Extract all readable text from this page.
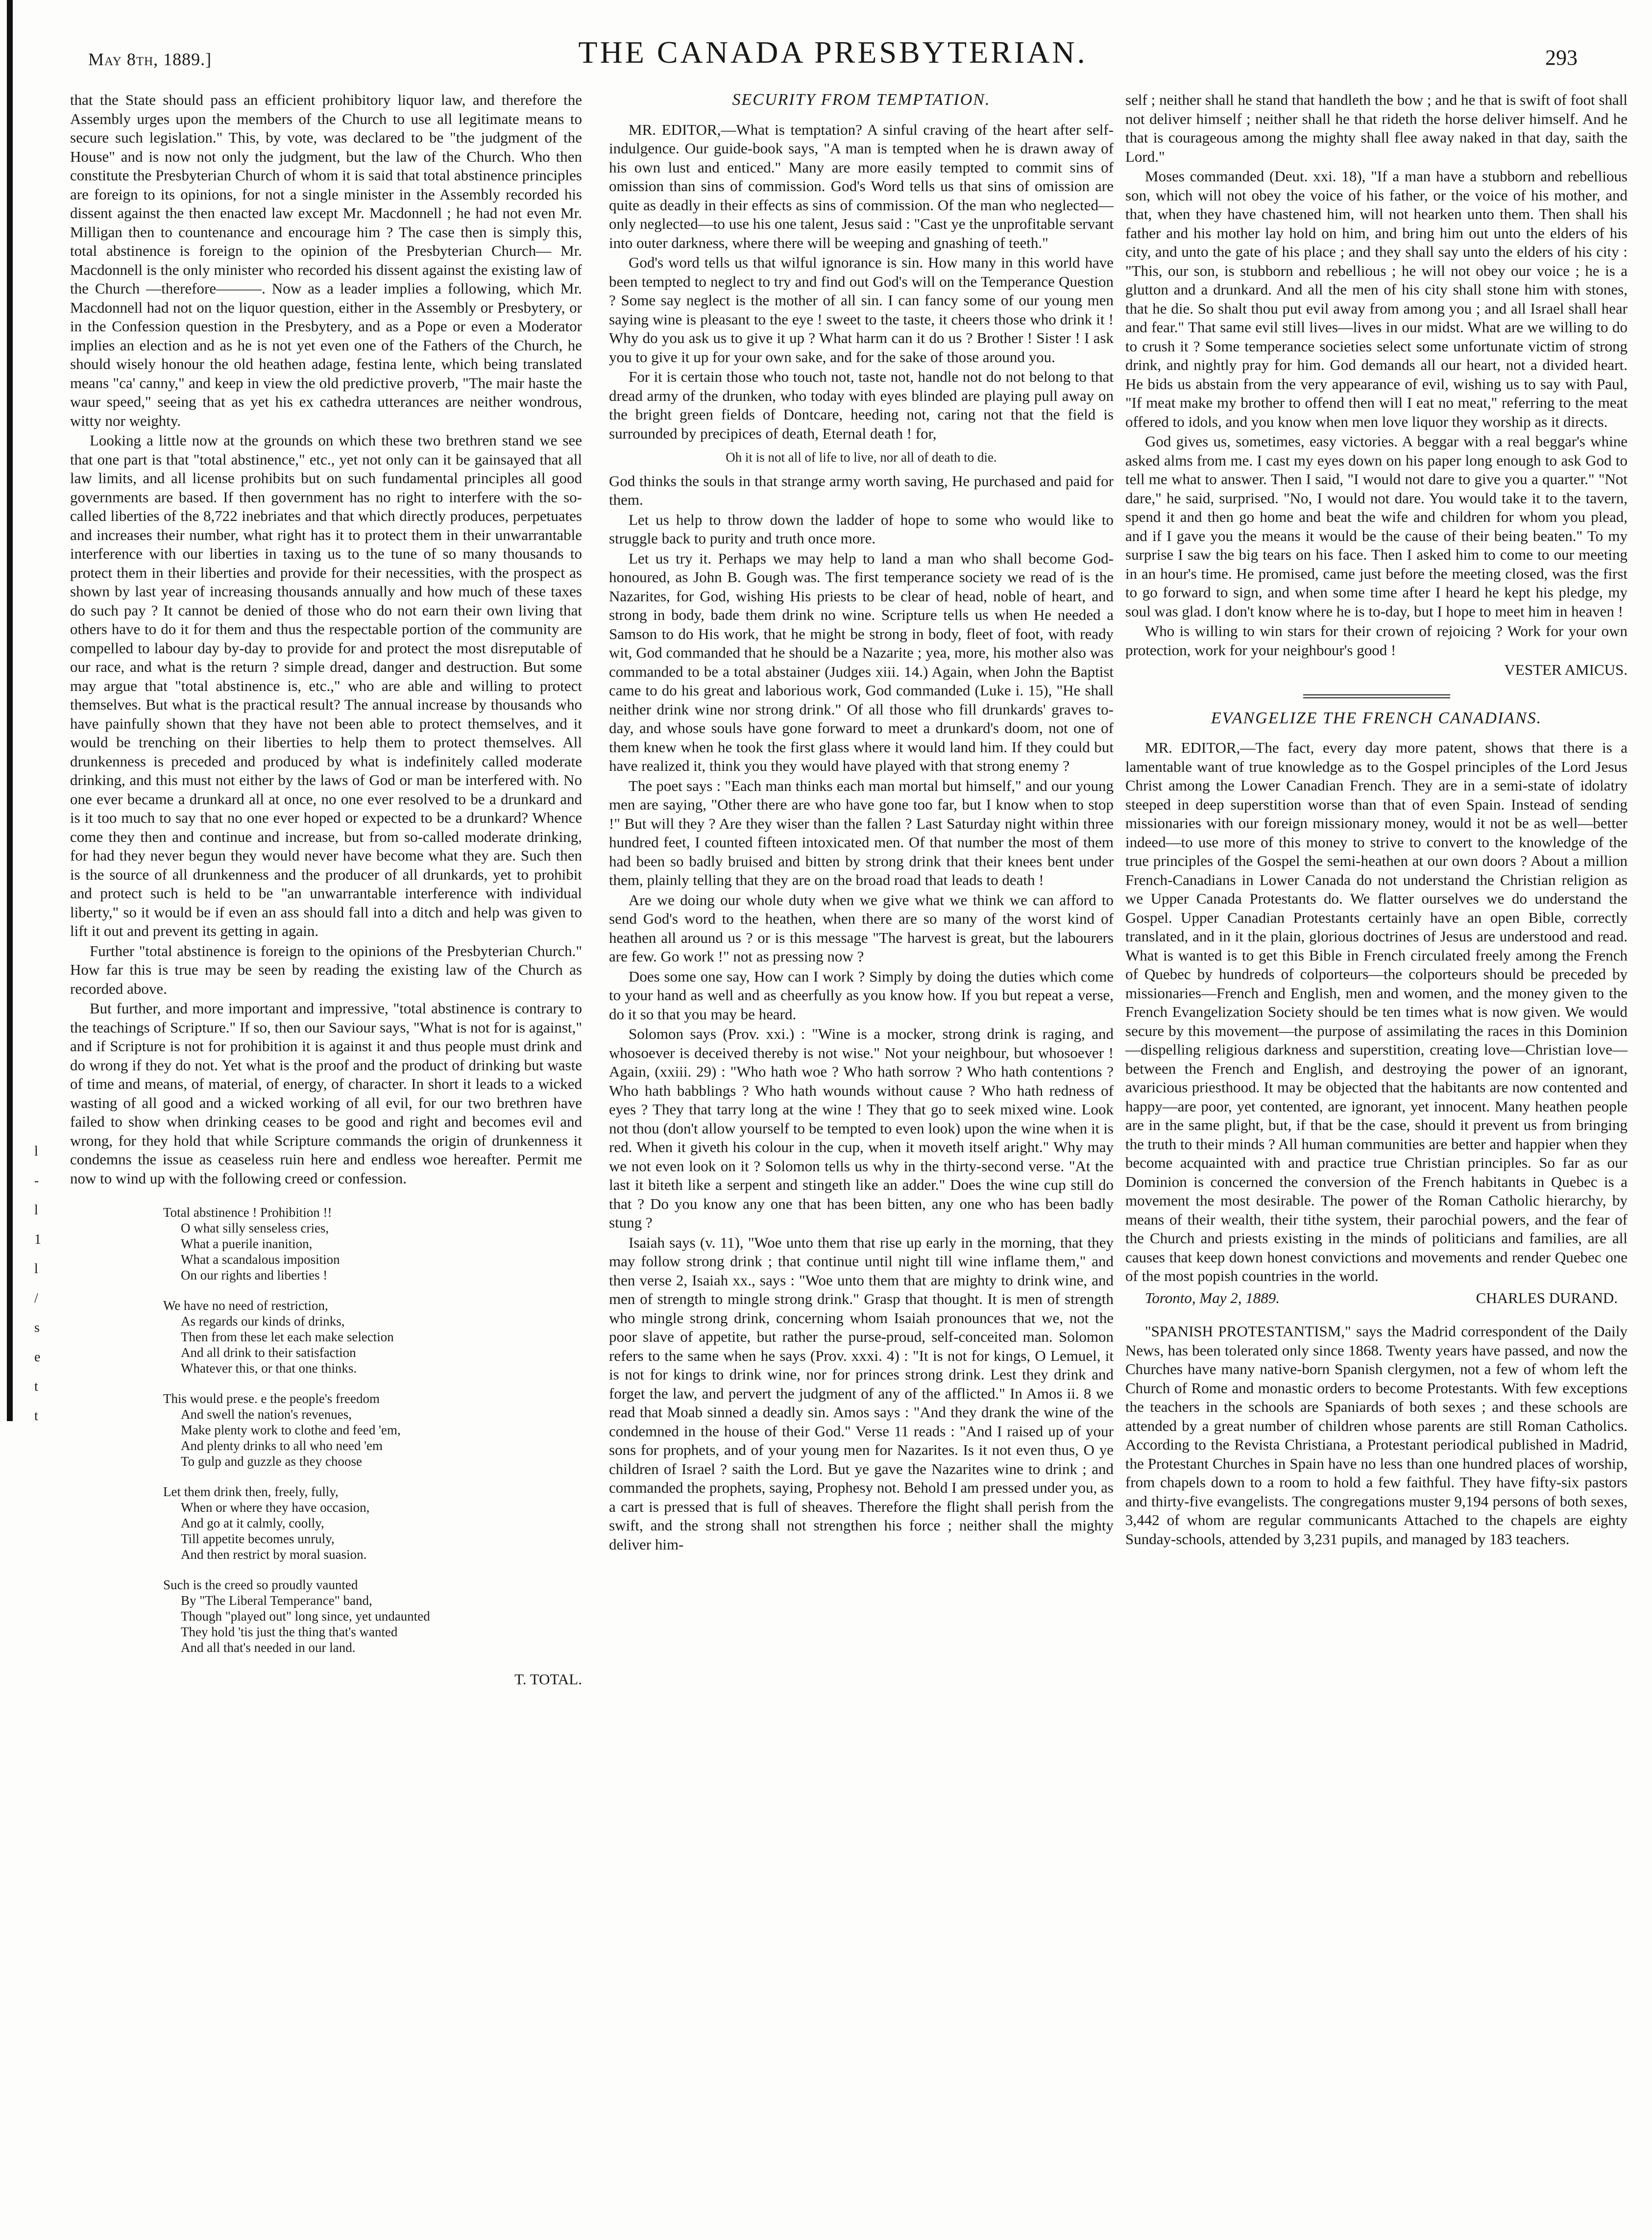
May 8th, 1889.]	THE CANADA PRESBYTERIAN.	293
l
-
l
1
l
/
s
e
t
t

that the State should pass an efficient prohibitory liquor law, and therefore the Assembly urges upon the members of the Church to use all legitimate means to secure such legislation." This, by vote, was declared to be "the judgment of the House" and is now not only the judgment, but the law of the Church. Who then constitute the Presbyterian Church of whom it is said that total abstinence principles are foreign to its opinions, for not a single minister in the Assembly recorded his dissent against the then enacted law except Mr. Macdonnell ; he had not even Mr. Milligan then to countenance and encourage him ? The case then is simply this, total abstinence is foreign to the opinion of the Presbyterian Church— Mr. Macdonnell is the only minister who recorded his dissent against the existing law of the Church —therefore———. Now as a leader implies a following, which Mr. Macdonnell had not on the liquor question, either in the Assembly or Presbytery, or in the Confession question in the Presbytery, and as a Pope or even a Moderator implies an election and as he is not yet even one of the Fathers of the Church, he should wisely honour the old heathen adage, festina lente, which being translated means "ca' canny," and keep in view the old predictive proverb, "The mair haste the waur speed," seeing that as yet his ex cathedra utterances are neither wondrous, witty nor weighty.

Looking a little now at the grounds on which these two brethren stand we see that one part is that "total abstinence," etc., yet not only can it be gainsayed that all law limits, and all license prohibits but on such fundamental principles all good governments are based. If then government has no right to interfere with the so-called liberties of the 8,722 inebriates and that which directly produces, perpetuates and increases their number, what right has it to protect them in their unwarrantable interference with our liberties in taxing us to the tune of so many thousands to protect them in their liberties and provide for their necessities, with the prospect as shown by last year of increasing thousands annually and how much of these taxes do such pay ? It cannot be denied of those who do not earn their own living that others have to do it for them and thus the respectable portion of the community are compelled to labour day by-day to provide for and protect the most disreputable of our race, and what is the return ? simple dread, danger and destruction. But some may argue that "total abstinence is, etc.," who are able and willing to protect themselves. But what is the practical result? The annual increase by thousands who have painfully shown that they have not been able to protect themselves, and it would be trenching on their liberties to help them to protect themselves. All drunkenness is preceded and produced by what is indefinitely called moderate drinking, and this must not either by the laws of God or man be interfered with. No one ever became a drunkard all at once, no one ever resolved to be a drunkard and is it too much to say that no one ever hoped or expected to be a drunkard? Whence come they then and continue and increase, but from so-called moderate drinking, for had they never begun they would never have become what they are. Such then is the source of all drunkenness and the producer of all drunkards, yet to prohibit and protect such is held to be "an unwarrantable interference with individual liberty," so it would be if even an ass should fall into a ditch and help was given to lift it out and prevent its getting in again.

Further "total abstinence is foreign to the opinions of the Presbyterian Church." How far this is true may be seen by reading the existing law of the Church as recorded above.

But further, and more important and impressive, "total abstinence is contrary to the teachings of Scripture." If so, then our Saviour says, "What is not for is against," and if Scripture is not for prohibition it is against it and thus people must drink and do wrong if they do not. Yet what is the proof and the product of drinking but waste of time and means, of material, of energy, of character. In short it leads to a wicked wasting of all good and a wicked working of all evil, for our two brethren have failed to show when drinking ceases to be good and right and becomes evil and wrong, for they hold that while Scripture commands the origin of drunkenness it condemns the issue as ceaseless ruin here and endless woe hereafter. Permit me now to wind up with the following creed or confession.

Total abstinence ! Prohibition !!
O what silly senseless cries,
What a puerile inanition,
What a scandalous imposition
On our rights and liberties !
We have no need of restriction,
As regards our kinds of drinks,
Then from these let each make selection
And all drink to their satisfaction
Whatever this, or that one thinks.
This would prese. e the people's freedom
And swell the nation's revenues,
Make plenty work to clothe and feed 'em,
And plenty drinks to all who need 'em
To gulp and guzzle as they choose
Let them drink then, freely, fully,
When or where they have occasion,
And go at it calmly, coolly,
Till appetite becomes unruly,
And then restrict by moral suasion.
Such is the creed so proudly vaunted
By "The Liberal Temperance" band,
Though "played out" long since, yet undaunted
They hold 'tis just the thing that's wanted
And all that's needed in our land.
T. TOTAL.
SECURITY FROM TEMPTATION.

MR. EDITOR,—What is temptation? A sinful craving of the heart after self-indulgence. Our guide-book says, "A man is tempted when he is drawn away of his own lust and enticed." Many are more easily tempted to commit sins of omission than sins of commission. God's Word tells us that sins of omission are quite as deadly in their effects as sins of commission. Of the man who neglected—only neglected—to use his one talent, Jesus said : "Cast ye the unprofitable servant into outer darkness, where there will be weeping and gnashing of teeth."

God's word tells us that wilful ignorance is sin. How many in this world have been tempted to neglect to try and find out God's will on the Temperance Question ? Some say neglect is the mother of all sin. I can fancy some of our young men saying wine is pleasant to the eye ! sweet to the taste, it cheers those who drink it ! Why do you ask us to give it up ? What harm can it do us ? Brother ! Sister ! I ask you to give it up for your own sake, and for the sake of those around you.

For it is certain those who touch not, taste not, handle not do not belong to that dread army of the drunken, who today with eyes blinded are playing pull away on the bright green fields of Dontcare, heeding not, caring not that the field is surrounded by precipices of death, Eternal death ! for,

Oh it is not all of life to live, nor all of death to die.

God thinks the souls in that strange army worth saving, He purchased and paid for them.

Let us help to throw down the ladder of hope to some who would like to struggle back to purity and truth once more.

Let us try it. Perhaps we may help to land a man who shall become God-honoured, as John B. Gough was. The first temperance society we read of is the Nazarites, for God, wishing His priests to be clear of head, noble of heart, and strong in body, bade them drink no wine. Scripture tells us when He needed a Samson to do His work, that he might be strong in body, fleet of foot, with ready wit, God commanded that he should be a Nazarite ; yea, more, his mother also was commanded to be a total abstainer (Judges xiii. 14.) Again, when John the Baptist came to do his great and laborious work, God commanded (Luke i. 15), "He shall neither drink wine nor strong drink." Of all those who fill drunkards' graves to-day, and whose souls have gone forward to meet a drunkard's doom, not one of them knew when he took the first glass where it would land him. If they could but have realized it, think you they would have played with that strong enemy ?

The poet says : "Each man thinks each man mortal but himself," and our young men are saying, "Other there are who have gone too far, but I know when to stop !" But will they ? Are they wiser than the fallen ? Last Saturday night within three hundred feet, I counted fifteen intoxicated men. Of that number the most of them had been so badly bruised and bitten by strong drink that their knees bent under them, plainly telling that they are on the broad road that leads to death !

Are we doing our whole duty when we give what we think we can afford to send God's word to the heathen, when there are so many of the worst kind of heathen all around us ? or is this message "The harvest is great, but the labourers are few. Go work !" not as pressing now ?

Does some one say, How can I work ? Simply by doing the duties which come to your hand as well and as cheerfully as you know how. If you but repeat a verse, do it so that you may be heard.

Solomon says (Prov. xxi.) : "Wine is a mocker, strong drink is raging, and whosoever is deceived thereby is not wise." Not your neighbour, but whosoever ! Again, (xxiii. 29) : "Who hath woe ? Who hath sorrow ? Who hath contentions ? Who hath babblings ? Who hath wounds without cause ? Who hath redness of eyes ? They that tarry long at the wine ! They that go to seek mixed wine. Look not thou (don't allow yourself to be tempted to even look) upon the wine when it is red. When it giveth his colour in the cup, when it moveth itself aright." Why may we not even look on it ? Solomon tells us why in the thirty-second verse. "At the last it biteth like a serpent and stingeth like an adder." Does the wine cup still do that ? Do you know any one that has been bitten, any one who has been badly stung ?

Isaiah says (v. 11), "Woe unto them that rise up early in the morning, that they may follow strong drink ; that continue until night till wine inflame them," and then verse 2, Isaiah xx., says : "Woe unto them that are mighty to drink wine, and men of strength to mingle strong drink." Grasp that thought. It is men of strength who mingle strong drink, concerning whom Isaiah pronounces that we, not the poor slave of appetite, but rather the purse-proud, self-conceited man. Solomon refers to the same when he says (Prov. xxxi. 4) : "It is not for kings, O Lemuel, it is not for kings to drink wine, nor for princes strong drink. Lest they drink and forget the law, and pervert the judgment of any of the afflicted." In Amos ii. 8 we read that Moab sinned a deadly sin. Amos says : "And they drank the wine of the condemned in the house of their God." Verse 11 reads : "And I raised up of your sons for prophets, and of your young men for Nazarites. Is it not even thus, O ye children of Israel ? saith the Lord. But ye gave the Nazarites wine to drink ; and commanded the prophets, saying, Prophesy not. Behold I am pressed under you, as a cart is pressed that is full of sheaves. Therefore the flight shall perish from the swift, and the strong shall not strengthen his force ; neither shall the mighty deliver him-

self ; neither shall he stand that handleth the bow ; and he that is swift of foot shall not deliver himself ; neither shall he that rideth the horse deliver himself. And he that is courageous among the mighty shall flee away naked in that day, saith the Lord."

Moses commanded (Deut. xxi. 18), "If a man have a stubborn and rebellious son, which will not obey the voice of his father, or the voice of his mother, and that, when they have chastened him, will not hearken unto them. Then shall his father and his mother lay hold on him, and bring him out unto the elders of his city, and unto the gate of his place ; and they shall say unto the elders of his city : "This, our son, is stubborn and rebellious ; he will not obey our voice ; he is a glutton and a drunkard. And all the men of his city shall stone him with stones, that he die. So shalt thou put evil away from among you ; and all Israel shall hear and fear." That same evil still lives—lives in our midst. What are we willing to do to crush it ? Some temperance societies select some unfortunate victim of strong drink, and nightly pray for him. God demands all our heart, not a divided heart. He bids us abstain from the very appearance of evil, wishing us to say with Paul, "If meat make my brother to offend then will I eat no meat," referring to the meat offered to idols, and you know when men love liquor they worship as it directs.

God gives us, sometimes, easy victories. A beggar with a real beggar's whine asked alms from me. I cast my eyes down on his paper long enough to ask God to tell me what to answer. Then I said, "I would not dare to give you a quarter." "Not dare," he said, surprised. "No, I would not dare. You would take it to the tavern, spend it and then go home and beat the wife and children for whom you plead, and if I gave you the means it would be the cause of their being beaten." To my surprise I saw the big tears on his face. Then I asked him to come to our meeting in an hour's time. He promised, came just before the meeting closed, was the first to go forward to sign, and when some time after I heard he kept his pledge, my soul was glad. I don't know where he is to-day, but I hope to meet him in heaven !

Who is willing to win stars for their crown of rejoicing ? Work for your own protection, work for your neighbour's good !

VESTER AMICUS.
EVANGELIZE THE FRENCH CANADIANS.

MR. EDITOR,—The fact, every day more patent, shows that there is a lamentable want of true knowledge as to the Gospel principles of the Lord Jesus Christ among the Lower Canadian French. They are in a semi-state of idolatry steeped in deep superstition worse than that of even Spain. Instead of sending missionaries with our foreign missionary money, would it not be as well—better indeed—to use more of this money to strive to convert to the knowledge of the true principles of the Gospel the semi-heathen at our own doors ? About a million French-Canadians in Lower Canada do not understand the Christian religion as we Upper Canada Protestants do. We flatter ourselves we do understand the Gospel. Upper Canadian Protestants certainly have an open Bible, correctly translated, and in it the plain, glorious doctrines of Jesus are understood and read. What is wanted is to get this Bible in French circulated freely among the French of Quebec by hundreds of colporteurs—the colporteurs should be preceded by missionaries—French and English, men and women, and the money given to the French Evangelization Society should be ten times what is now given. We would secure by this movement—the purpose of assimilating the races in this Dominion—dispelling religious darkness and superstition, creating love—Christian love—between the French and English, and destroying the power of an ignorant, avaricious priesthood. It may be objected that the habitants are now contented and happy—are poor, yet contented, are ignorant, yet innocent. Many heathen people are in the same plight, but, if that be the case, should it prevent us from bringing the truth to their minds ? All human communities are better and happier when they become acquainted with and practice true Christian principles. So far as our Dominion is concerned the conversion of the French habitants in Quebec is a movement the most desirable. The power of the Roman Catholic hierarchy, by means of their wealth, their tithe system, their parochial powers, and the fear of the Church and priests existing in the minds of politicians and families, are all causes that keep down honest convictions and movements and render Quebec one of the most popish countries in the world.

Toronto, May 2, 1889.	CHARLES DURAND.

"SPANISH PROTESTANTISM," says the Madrid correspondent of the Daily News, has been tolerated only since 1868. Twenty years have passed, and now the Churches have many native-born Spanish clergymen, not a few of whom left the Church of Rome and monastic orders to become Protestants. With few exceptions the teachers in the schools are Spaniards of both sexes ; and these schools are attended by a great number of children whose parents are still Roman Catholics. According to the Revista Christiana, a Protestant periodical published in Madrid, the Protestant Churches in Spain have no less than one hundred places of worship, from chapels down to a room to hold a few faithful. They have fifty-six pastors and thirty-five evangelists. The congregations muster 9,194 persons of both sexes, 3,442 of whom are regular communicants Attached to the chapels are eighty Sunday-schools, attended by 3,231 pupils, and managed by 183 teachers.
